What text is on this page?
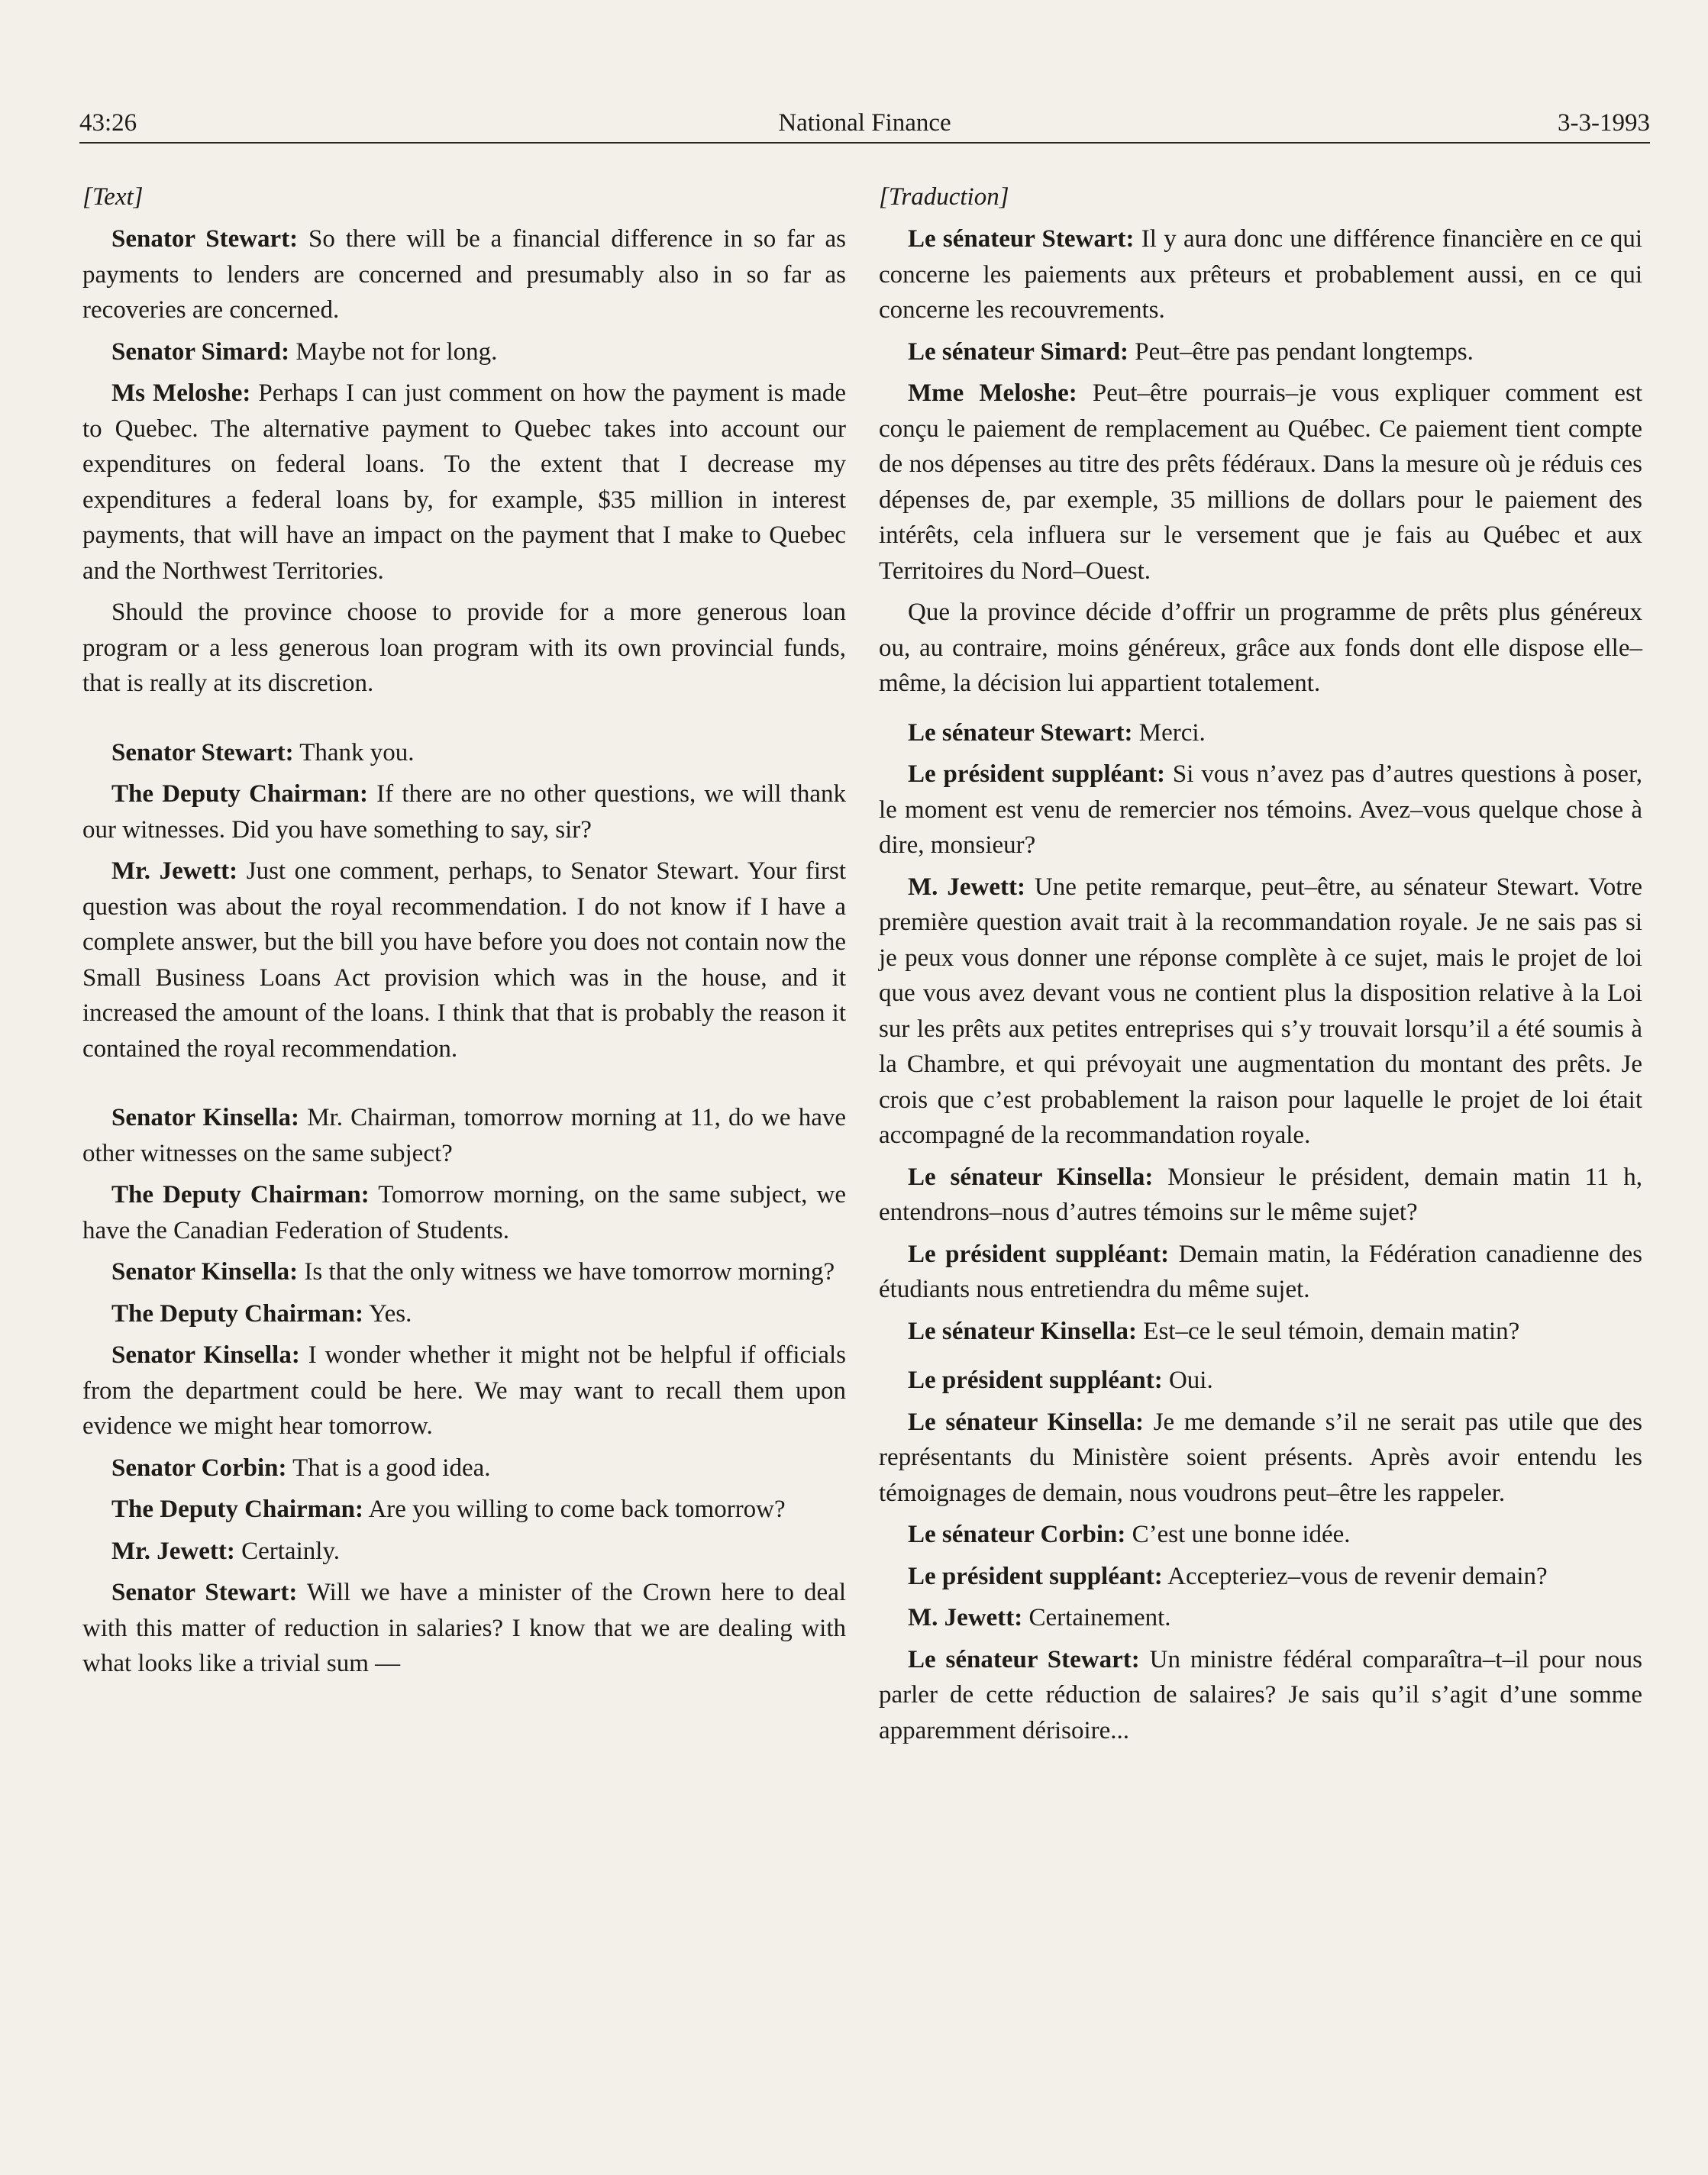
43:26	National Finance	3-3-1993
[Text]

Senator Stewart: So there will be a financial difference in so far as payments to lenders are concerned and presumably also in so far as recoveries are concerned.

Senator Simard: Maybe not for long.

Ms Meloshe: Perhaps I can just comment on how the payment is made to Quebec. The alternative payment to Quebec takes into account our expenditures on federal loans. To the extent that I decrease my expenditures a federal loans by, for example, $35 million in interest payments, that will have an impact on the payment that I make to Quebec and the Northwest Territories.

Should the province choose to provide for a more generous loan program or a less generous loan program with its own provincial funds, that is really at its discretion.

Senator Stewart: Thank you.

The Deputy Chairman: If there are no other questions, we will thank our witnesses. Did you have something to say, sir?

Mr. Jewett: Just one comment, perhaps, to Senator Stewart. Your first question was about the royal recommendation. I do not know if I have a complete answer, but the bill you have before you does not contain now the Small Business Loans Act provision which was in the house, and it increased the amount of the loans. I think that that is probably the reason it contained the royal recommendation.

Senator Kinsella: Mr. Chairman, tomorrow morning at 11, do we have other witnesses on the same subject?

The Deputy Chairman: Tomorrow morning, on the same subject, we have the Canadian Federation of Students.

Senator Kinsella: Is that the only witness we have tomorrow morning?

The Deputy Chairman: Yes.

Senator Kinsella: I wonder whether it might not be helpful if officials from the department could be here. We may want to recall them upon evidence we might hear tomorrow.

Senator Corbin: That is a good idea.

The Deputy Chairman: Are you willing to come back tomorrow?

Mr. Jewett: Certainly.

Senator Stewart: Will we have a minister of the Crown here to deal with this matter of reduction in salaries? I know that we are dealing with what looks like a trivial sum —

[Traduction]

Le sénateur Stewart: Il y aura donc une différence financière en ce qui concerne les paiements aux prêteurs et probablement aussi, en ce qui concerne les recouvrements.

Le sénateur Simard: Peut–être pas pendant longtemps.

Mme Meloshe: Peut–être pourrais–je vous expliquer comment est conçu le paiement de remplacement au Québec. Ce paiement tient compte de nos dépenses au titre des prêts fédéraux. Dans la mesure où je réduis ces dépenses de, par exemple, 35 millions de dollars pour le paiement des intérêts, cela influera sur le versement que je fais au Québec et aux Territoires du Nord–Ouest.

Que la province décide d’offrir un programme de prêts plus généreux ou, au contraire, moins généreux, grâce aux fonds dont elle dispose elle–même, la décision lui appartient totalement.

Le sénateur Stewart: Merci.

Le président suppléant: Si vous n’avez pas d’autres questions à poser, le moment est venu de remercier nos témoins. Avez–vous quelque chose à dire, monsieur?

M. Jewett: Une petite remarque, peut–être, au sénateur Stewart. Votre première question avait trait à la recommandation royale. Je ne sais pas si je peux vous donner une réponse complète à ce sujet, mais le projet de loi que vous avez devant vous ne contient plus la disposition relative à la Loi sur les prêts aux petites entreprises qui s’y trouvait lorsqu’il a été soumis à la Chambre, et qui prévoyait une augmentation du montant des prêts. Je crois que c’est probablement la raison pour laquelle le projet de loi était accompagné de la recommandation royale.

Le sénateur Kinsella: Monsieur le président, demain matin 11 h, entendrons–nous d’autres témoins sur le même sujet?

Le président suppléant: Demain matin, la Fédération canadienne des étudiants nous entretiendra du même sujet.

Le sénateur Kinsella: Est–ce le seul témoin, demain matin?

Le président suppléant: Oui.

Le sénateur Kinsella: Je me demande s’il ne serait pas utile que des représentants du Ministère soient présents. Après avoir entendu les témoignages de demain, nous voudrons peut–être les rappeler.

Le sénateur Corbin: C’est une bonne idée.

Le président suppléant: Accepteriez–vous de revenir demain?

M. Jewett: Certainement.

Le sénateur Stewart: Un ministre fédéral comparaîtra–t–il pour nous parler de cette réduction de salaires? Je sais qu’il s’agit d’une somme apparemment dérisoire...
